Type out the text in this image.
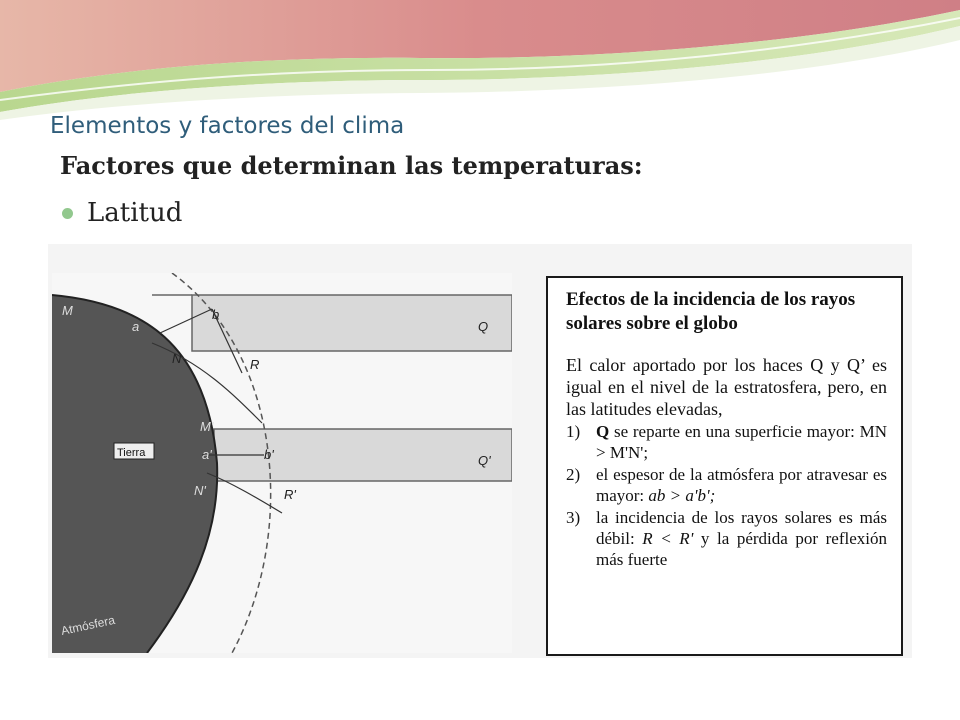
Elementos y factores del clima
Factores que determinan las temperaturas:
Latitud
Tierra
M
a
b
Q
N	R
M'
a'	b'	Q'
N'	R'
Atmósfera
Efectos de la incidencia de los rayos solares sobre el globo

El calor aportado por los haces Q y Q’ es igual en el nivel de la estratosfera, pero, en las latitudes elevadas,

1) Q se reparte en una superficie mayor: MN > M'N';
2) el espesor de la atmósfera por atravesar es mayor: ab > a'b';
3) la incidencia de los rayos solares es más débil: R < R' y la pérdida por reflexión más fuerte
